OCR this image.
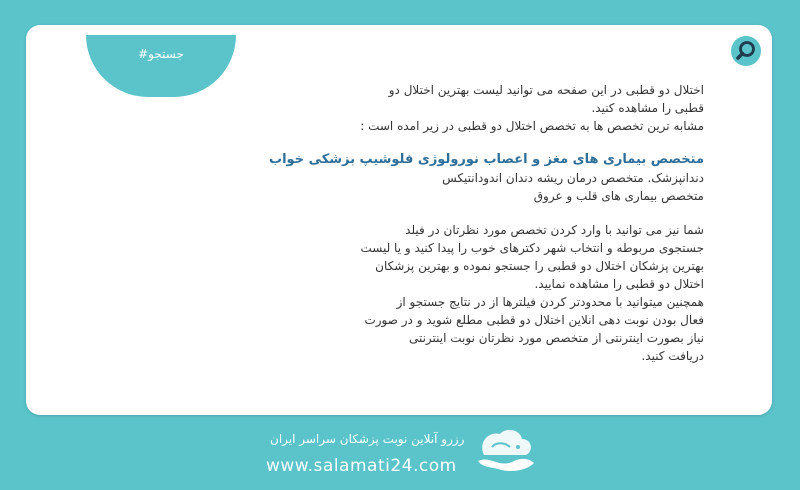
#جستجو

اختلال دو قطبی در این صفحه می توانید لیست بهترین اختلال دو

قطبی را مشاهده کنید.

مشابه ترین تخصص ها به تخصص اختلال دو قطبی در زیر امده است :

متخصص بیماری های مغز و اعصاب نورولوژی فلوشیپ بزشکی خواب

دندانپزشک. متخصص درمان ریشه دندان اندودانتیکس

متخصص بیماری های قلب و عروق

شما نیز می توانید با وارد کردن تخصص مورد نظرتان در فیلد

جستجوی مربوطه و انتخاب شهر دکترهای خوب را پیدا کنید و یا لیست

بهترین پزشکان اختلال دو قطبی را جستجو نموده و بهترین پزشکان

اختلال دو قطبی را مشاهده نمایید.

همچنین میتوانید با محدودتر کردن فیلترها از در نتایج جستجو از

فعال بودن نوبت دهی انلاین اختلال دو قطبی مطلع شوید و در صورت

نیاز بصورت اینترنتی از متخصص مورد نظرتان نوبت اینترنتی

دریافت کنید.

رزرو آنلاین نوبت پزشکان سراسر ایران
www.salamati24.com
